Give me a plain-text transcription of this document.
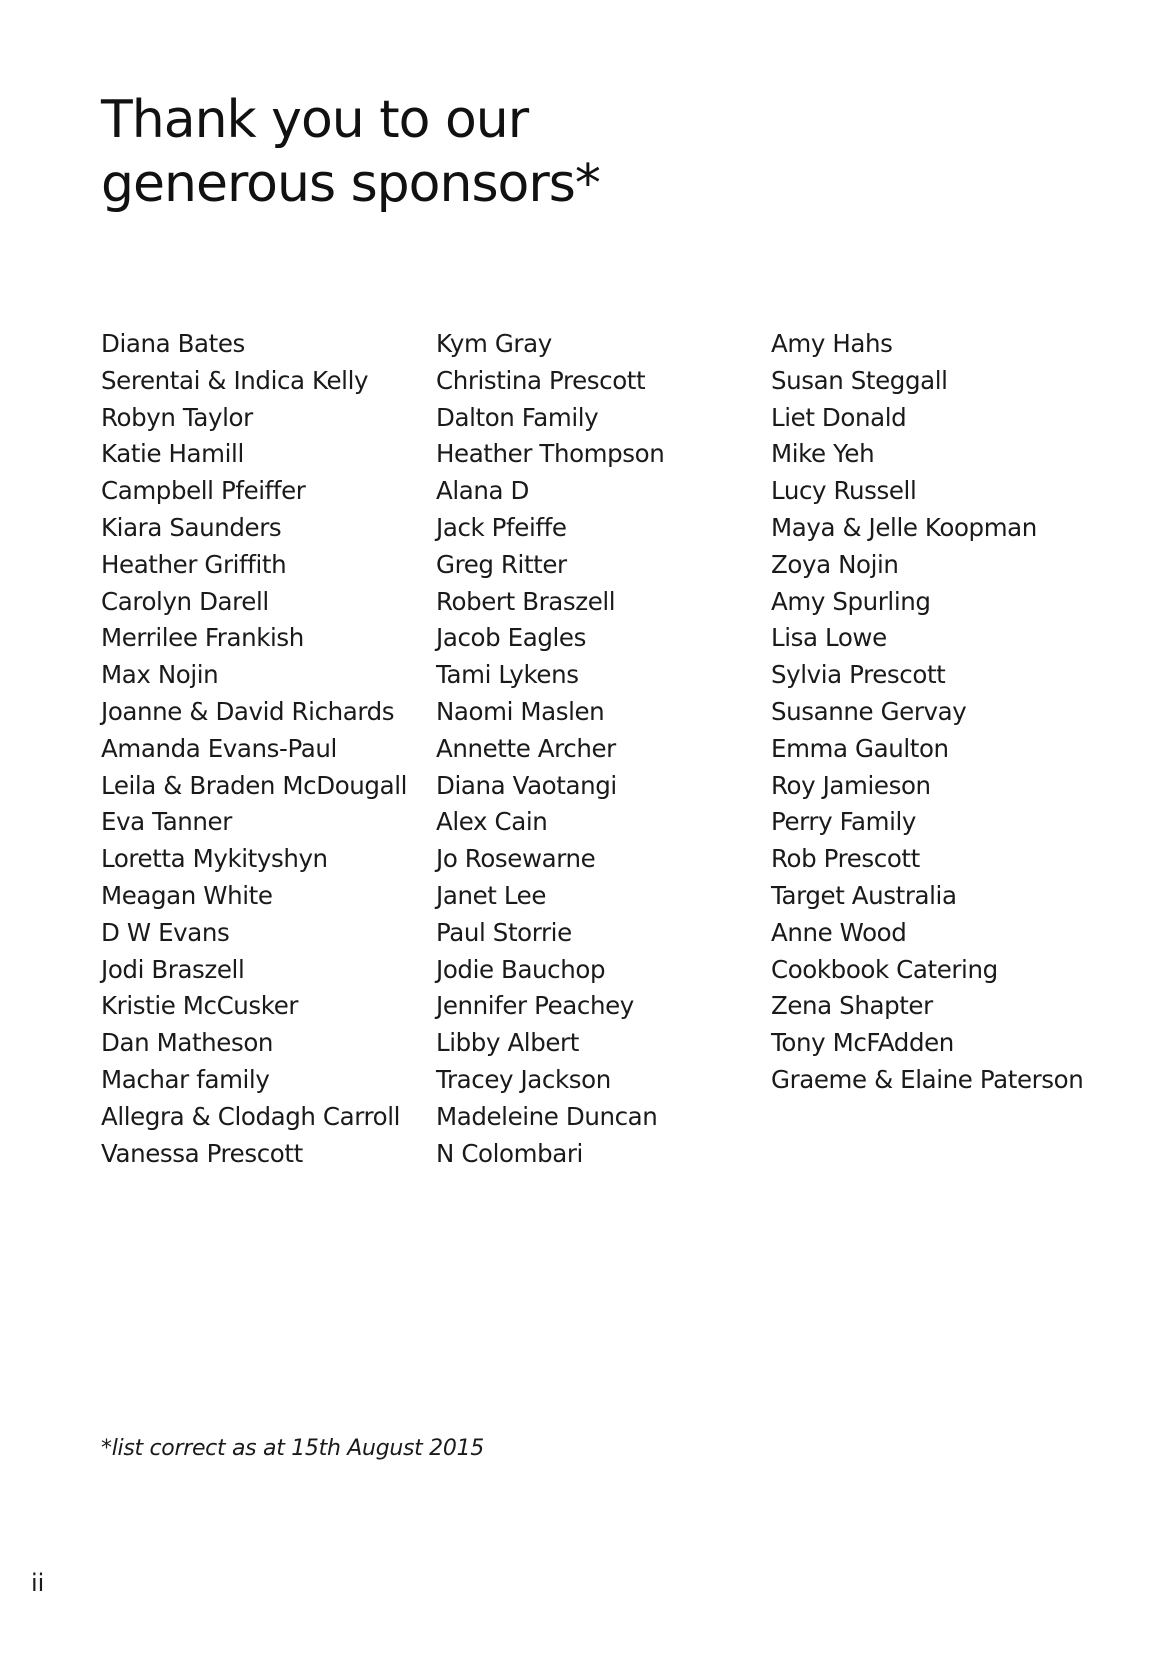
Thank you to our
generous sponsors*
Diana Bates
Serentai & Indica Kelly
Robyn Taylor
Katie Hamill
Campbell Pfeiffer
Kiara Saunders
Heather Griffith
Carolyn Darell
Merrilee Frankish
Max Nojin
Joanne & David Richards
Amanda Evans-Paul
Leila & Braden McDougall
Eva Tanner
Loretta Mykityshyn
Meagan White
D W Evans
Jodi Braszell
Kristie McCusker
Dan Matheson
Machar family
Allegra & Clodagh Carroll
Vanessa Prescott
Kym Gray
Christina Prescott
Dalton Family
Heather Thompson
Alana D
Jack Pfeiffe
Greg Ritter
Robert Braszell
Jacob Eagles
Tami Lykens
Naomi Maslen
Annette Archer
Diana Vaotangi
Alex Cain
Jo Rosewarne
Janet Lee
Paul Storrie
Jodie Bauchop
Jennifer Peachey
Libby Albert
Tracey Jackson
Madeleine Duncan
N Colombari
Amy Hahs
Susan Steggall
Liet Donald
Mike Yeh
Lucy Russell
Maya & Jelle Koopman
Zoya Nojin
Amy Spurling
Lisa Lowe
Sylvia Prescott
Susanne Gervay
Emma Gaulton
Roy Jamieson
Perry Family
Rob Prescott
Target Australia
Anne Wood
Cookbook Catering
Zena Shapter
Tony McFAdden
Graeme & Elaine Paterson
*list correct as at 15th August 2015
ii
